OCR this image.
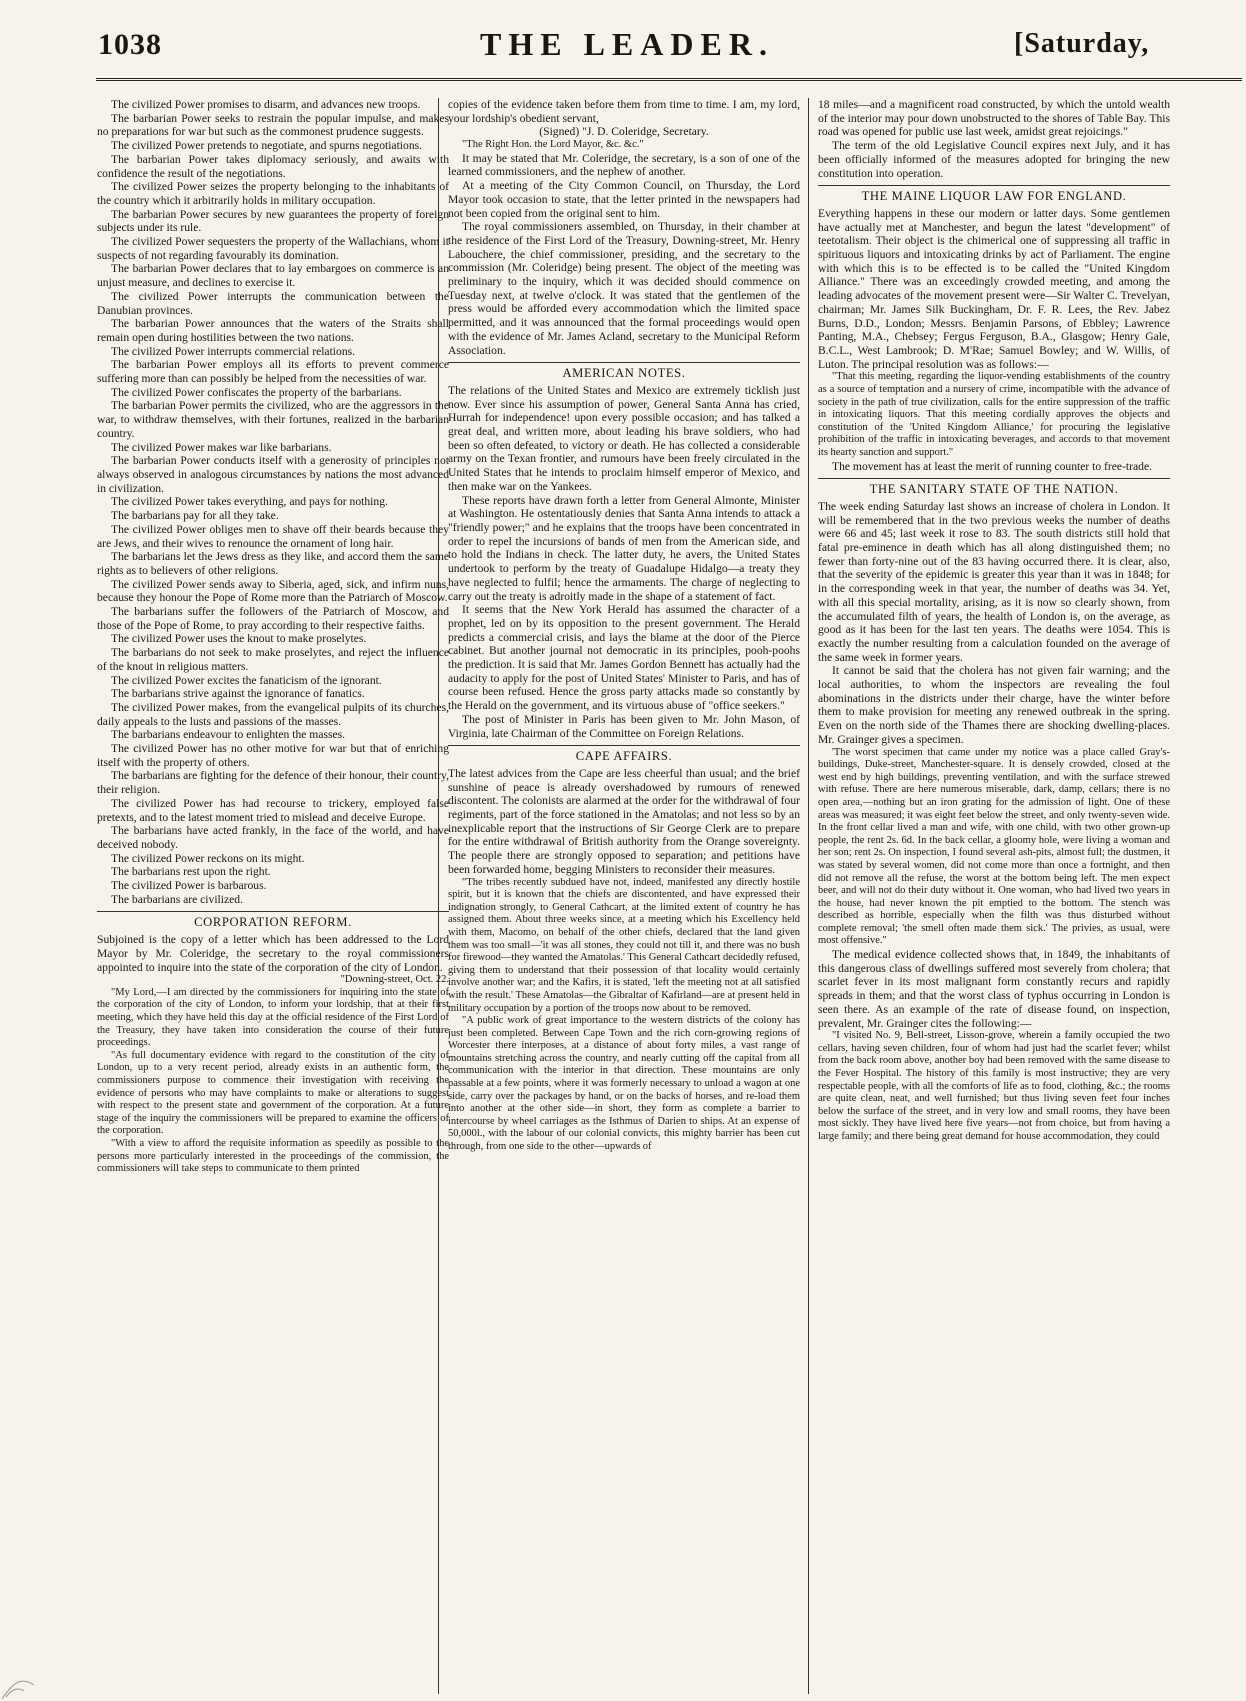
1038	THE LEADER.	[Saturday,

The civilized Power promises to disarm, and advances new troops.

The barbarian Power seeks to restrain the popular impulse, and makes no preparations for war but such as the commonest prudence suggests.

The civilized Power pretends to negotiate, and spurns negotiations.

The barbarian Power takes diplomacy seriously, and awaits with confidence the result of the negotiations.

The civilized Power seizes the property belonging to the inhabitants of the country which it arbitrarily holds in military occupation.

The barbarian Power secures by new guarantees the property of foreign subjects under its rule.

The civilized Power sequesters the property of the Wallachians, whom it suspects of not regarding favourably its domination.

The barbarian Power declares that to lay embargoes on commerce is an unjust measure, and declines to exercise it.

The civilized Power interrupts the communication between the Danubian provinces.

The barbarian Power announces that the waters of the Straits shall remain open during hostilities between the two nations.

The civilized Power interrupts commercial relations.

The barbarian Power employs all its efforts to prevent commerce suffering more than can possibly be helped from the necessities of war.

The civilized Power confiscates the property of the barbarians.

The barbarian Power permits the civilized, who are the aggressors in the war, to withdraw themselves, with their fortunes, realized in the barbarian country.

The civilized Power makes war like barbarians.

The barbarian Power conducts itself with a generosity of principles not always observed in analogous circumstances by nations the most advanced in civilization.

The civilized Power takes everything, and pays for nothing.

The barbarians pay for all they take.

The civilized Power obliges men to shave off their beards because they are Jews, and their wives to renounce the ornament of long hair.

The barbarians let the Jews dress as they like, and accord them the same rights as to believers of other religions.

The civilized Power sends away to Siberia, aged, sick, and infirm nuns, because they honour the Pope of Rome more than the Patriarch of Moscow.

The barbarians suffer the followers of the Patriarch of Moscow, and those of the Pope of Rome, to pray according to their respective faiths.

The civilized Power uses the knout to make proselytes.

The barbarians do not seek to make proselytes, and reject the influence of the knout in religious matters.

The civilized Power excites the fanaticism of the ignorant.

The barbarians strive against the ignorance of fanatics.

The civilized Power makes, from the evangelical pulpits of its churches, daily appeals to the lusts and passions of the masses.

The barbarians endeavour to enlighten the masses.

The civilized Power has no other motive for war but that of enriching itself with the property of others.

The barbarians are fighting for the defence of their honour, their country, their religion.

The civilized Power has had recourse to trickery, employed false pretexts, and to the latest moment tried to mislead and deceive Europe.

The barbarians have acted frankly, in the face of the world, and have deceived nobody.

The civilized Power reckons on its might.

The barbarians rest upon the right.

The civilized Power is barbarous.

The barbarians are civilized.

CORPORATION REFORM.

Subjoined is the copy of a letter which has been addressed to the Lord Mayor by Mr. Coleridge, the secretary to the royal commissioners appointed to inquire into the state of the corporation of the city of London.

"Downing-street, Oct. 22.

"My Lord,—I am directed by the commissioners for inquiring into the state of the corporation of the city of London, to inform your lordship, that at their first meeting, which they have held this day at the official residence of the First Lord of the Treasury, they have taken into consideration the course of their future proceedings.

"As full documentary evidence with regard to the constitution of the city of London, up to a very recent period, already exists in an authentic form, the commissioners purpose to commence their investigation with receiving the evidence of persons who may have complaints to make or alterations to suggest with respect to the present state and government of the corporation. At a future stage of the inquiry the commissioners will be prepared to examine the officers of the corporation.

"With a view to afford the requisite information as speedily as possible to the persons more particularly interested in the proceedings of the commission, the commissioners will take steps to communicate to them printed

copies of the evidence taken before them from time to time. I am, my lord, your lordship's obedient servant,

(Signed) "J. D. Coleridge, Secretary.

"The Right Hon. the Lord Mayor, &c. &c."

It may be stated that Mr. Coleridge, the secretary, is a son of one of the learned commissioners, and the nephew of another.

At a meeting of the City Common Council, on Thursday, the Lord Mayor took occasion to state, that the letter printed in the newspapers had not been copied from the original sent to him.

The royal commissioners assembled, on Thursday, in their chamber at the residence of the First Lord of the Treasury, Downing-street, Mr. Henry Labouchere, the chief commissioner, presiding, and the secretary to the commission (Mr. Coleridge) being present. The object of the meeting was preliminary to the inquiry, which it was decided should commence on Tuesday next, at twelve o'clock. It was stated that the gentlemen of the press would be afforded every accommodation which the limited space permitted, and it was announced that the formal proceedings would open with the evidence of Mr. James Acland, secretary to the Municipal Reform Association.

AMERICAN NOTES.

The relations of the United States and Mexico are extremely ticklish just now. Ever since his assumption of power, General Santa Anna has cried, Hurrah for independence! upon every possible occasion; and has talked a great deal, and written more, about leading his brave soldiers, who had been so often defeated, to victory or death. He has collected a considerable army on the Texan frontier, and rumours have been freely circulated in the United States that he intends to proclaim himself emperor of Mexico, and then make war on the Yankees.

These reports have drawn forth a letter from General Almonte, Minister at Washington. He ostentatiously denies that Santa Anna intends to attack a "friendly power;" and he explains that the troops have been concentrated in order to repel the incursions of bands of men from the American side, and to hold the Indians in check. The latter duty, he avers, the United States undertook to perform by the treaty of Guadalupe Hidalgo—a treaty they have neglected to fulfil; hence the armaments. The charge of neglecting to carry out the treaty is adroitly made in the shape of a statement of fact.

It seems that the New York Herald has assumed the character of a prophet, led on by its opposition to the present government. The Herald predicts a commercial crisis, and lays the blame at the door of the Pierce cabinet. But another journal not democratic in its principles, pooh-poohs the prediction. It is said that Mr. James Gordon Bennett has actually had the audacity to apply for the post of United States' Minister to Paris, and has of course been refused. Hence the gross party attacks made so constantly by the Herald on the government, and its virtuous abuse of "office seekers."

The post of Minister in Paris has been given to Mr. John Mason, of Virginia, late Chairman of the Committee on Foreign Relations.

CAPE AFFAIRS.

The latest advices from the Cape are less cheerful than usual; and the brief sunshine of peace is already overshadowed by rumours of renewed discontent. The colonists are alarmed at the order for the withdrawal of four regiments, part of the force stationed in the Amatolas; and not less so by an inexplicable report that the instructions of Sir George Clerk are to prepare for the entire withdrawal of British authority from the Orange sovereignty. The people there are strongly opposed to separation; and petitions have been forwarded home, begging Ministers to reconsider their measures.

"The tribes recently subdued have not, indeed, manifested any directly hostile spirit, but it is known that the chiefs are discontented, and have expressed their indignation strongly, to General Cathcart, at the limited extent of country he has assigned them. About three weeks since, at a meeting which his Excellency held with them, Macomo, on behalf of the other chiefs, declared that the land given them was too small—'it was all stones, they could not till it, and there was no bush for firewood—they wanted the Amatolas.' This General Cathcart decidedly refused, giving them to understand that their possession of that locality would certainly involve another war; and the Kafirs, it is stated, 'left the meeting not at all satisfied with the result.' These Amatolas—the Gibraltar of Kafirland—are at present held in military occupation by a portion of the troops now about to be removed.

"A public work of great importance to the western districts of the colony has just been completed. Between Cape Town and the rich corn-growing regions of Worcester there interposes, at a distance of about forty miles, a vast range of mountains stretching across the country, and nearly cutting off the capital from all communication with the interior in that direction. These mountains are only passable at a few points, where it was formerly necessary to unload a wagon at one side, carry over the packages by hand, or on the backs of horses, and re-load them into another at the other side—in short, they form as complete a barrier to intercourse by wheel carriages as the Isthmus of Darien to ships. At an expense of 50,000l., with the labour of our colonial convicts, this mighty barrier has been cut through, from one side to the other—upwards of

18 miles—and a magnificent road constructed, by which the untold wealth of the interior may pour down unobstructed to the shores of Table Bay. This road was opened for public use last week, amidst great rejoicings."

The term of the old Legislative Council expires next July, and it has been officially informed of the measures adopted for bringing the new constitution into operation.

THE MAINE LIQUOR LAW FOR ENGLAND.

Everything happens in these our modern or latter days. Some gentlemen have actually met at Manchester, and begun the latest "development" of teetotalism. Their object is the chimerical one of suppressing all traffic in spirituous liquors and intoxicating drinks by act of Parliament. The engine with which this is to be effected is to be called the "United Kingdom Alliance." There was an exceedingly crowded meeting, and among the leading advocates of the movement present were—Sir Walter C. Trevelyan, chairman; Mr. James Silk Buckingham, Dr. F. R. Lees, the Rev. Jabez Burns, D.D., London; Messrs. Benjamin Parsons, of Ebbley; Lawrence Panting, M.A., Chebsey; Fergus Ferguson, B.A., Glasgow; Henry Gale, B.C.L., West Lambrook; D. M'Rae; Samuel Bowley; and W. Willis, of Luton. The principal resolution was as follows:—

"That this meeting, regarding the liquor-vending establishments of the country as a source of temptation and a nursery of crime, incompatible with the advance of society in the path of true civilization, calls for the entire suppression of the traffic in intoxicating liquors. That this meeting cordially approves the objects and constitution of the 'United Kingdom Alliance,' for procuring the legislative prohibition of the traffic in intoxicating beverages, and accords to that movement its hearty sanction and support."

The movement has at least the merit of running counter to free-trade.

THE SANITARY STATE OF THE NATION.

The week ending Saturday last shows an increase of cholera in London. It will be remembered that in the two previous weeks the number of deaths were 66 and 45; last week it rose to 83. The south districts still hold that fatal pre-eminence in death which has all along distinguished them; no fewer than forty-nine out of the 83 having occurred there. It is clear, also, that the severity of the epidemic is greater this year than it was in 1848; for in the corresponding week in that year, the number of deaths was 34. Yet, with all this special mortality, arising, as it is now so clearly shown, from the accumulated filth of years, the health of London is, on the average, as good as it has been for the last ten years. The deaths were 1054. This is exactly the number resulting from a calculation founded on the average of the same week in former years.

It cannot be said that the cholera has not given fair warning; and the local authorities, to whom the inspectors are revealing the foul abominations in the districts under their charge, have the winter before them to make provision for meeting any renewed outbreak in the spring. Even on the north side of the Thames there are shocking dwelling-places. Mr. Grainger gives a specimen.

'The worst specimen that came under my notice was a place called Gray's-buildings, Duke-street, Manchester-square. It is densely crowded, closed at the west end by high buildings, preventing ventilation, and with the surface strewed with refuse. There are here numerous miserable, dark, damp, cellars; there is no open area,—nothing but an iron grating for the admission of light. One of these areas was measured; it was eight feet below the street, and only twenty-seven wide. In the front cellar lived a man and wife, with one child, with two other grown-up people, the rent 2s. 6d. In the back cellar, a gloomy hole, were living a woman and her son; rent 2s. On inspection, I found several ash-pits, almost full; the dustmen, it was stated by several women, did not come more than once a fortnight, and then did not remove all the refuse, the worst at the bottom being left. The men expect beer, and will not do their duty without it. One woman, who had lived two years in the house, had never known the pit emptied to the bottom. The stench was described as horrible, especially when the filth was thus disturbed without complete removal; 'the smell often made them sick.' The privies, as usual, were most offensive."

The medical evidence collected shows that, in 1849, the inhabitants of this dangerous class of dwellings suffered most severely from cholera; that scarlet fever in its most malignant form constantly recurs and rapidly spreads in them; and that the worst class of typhus occurring in London is seen there. As an example of the rate of disease found, on inspection, prevalent, Mr. Grainger cites the following:—

"I visited No. 9, Bell-street, Lisson-grove, wherein a family occupied the two cellars, having seven children, four of whom had just had the scarlet fever; whilst from the back room above, another boy had been removed with the same disease to the Fever Hospital. The history of this family is most instructive; they are very respectable people, with all the comforts of life as to food, clothing, &c.; the rooms are quite clean, neat, and well furnished; but thus living seven feet four inches below the surface of the street, and in very low and small rooms, they have been most sickly. They have lived here five years—not from choice, but from having a large family; and there being great demand for house accommodation, they could
